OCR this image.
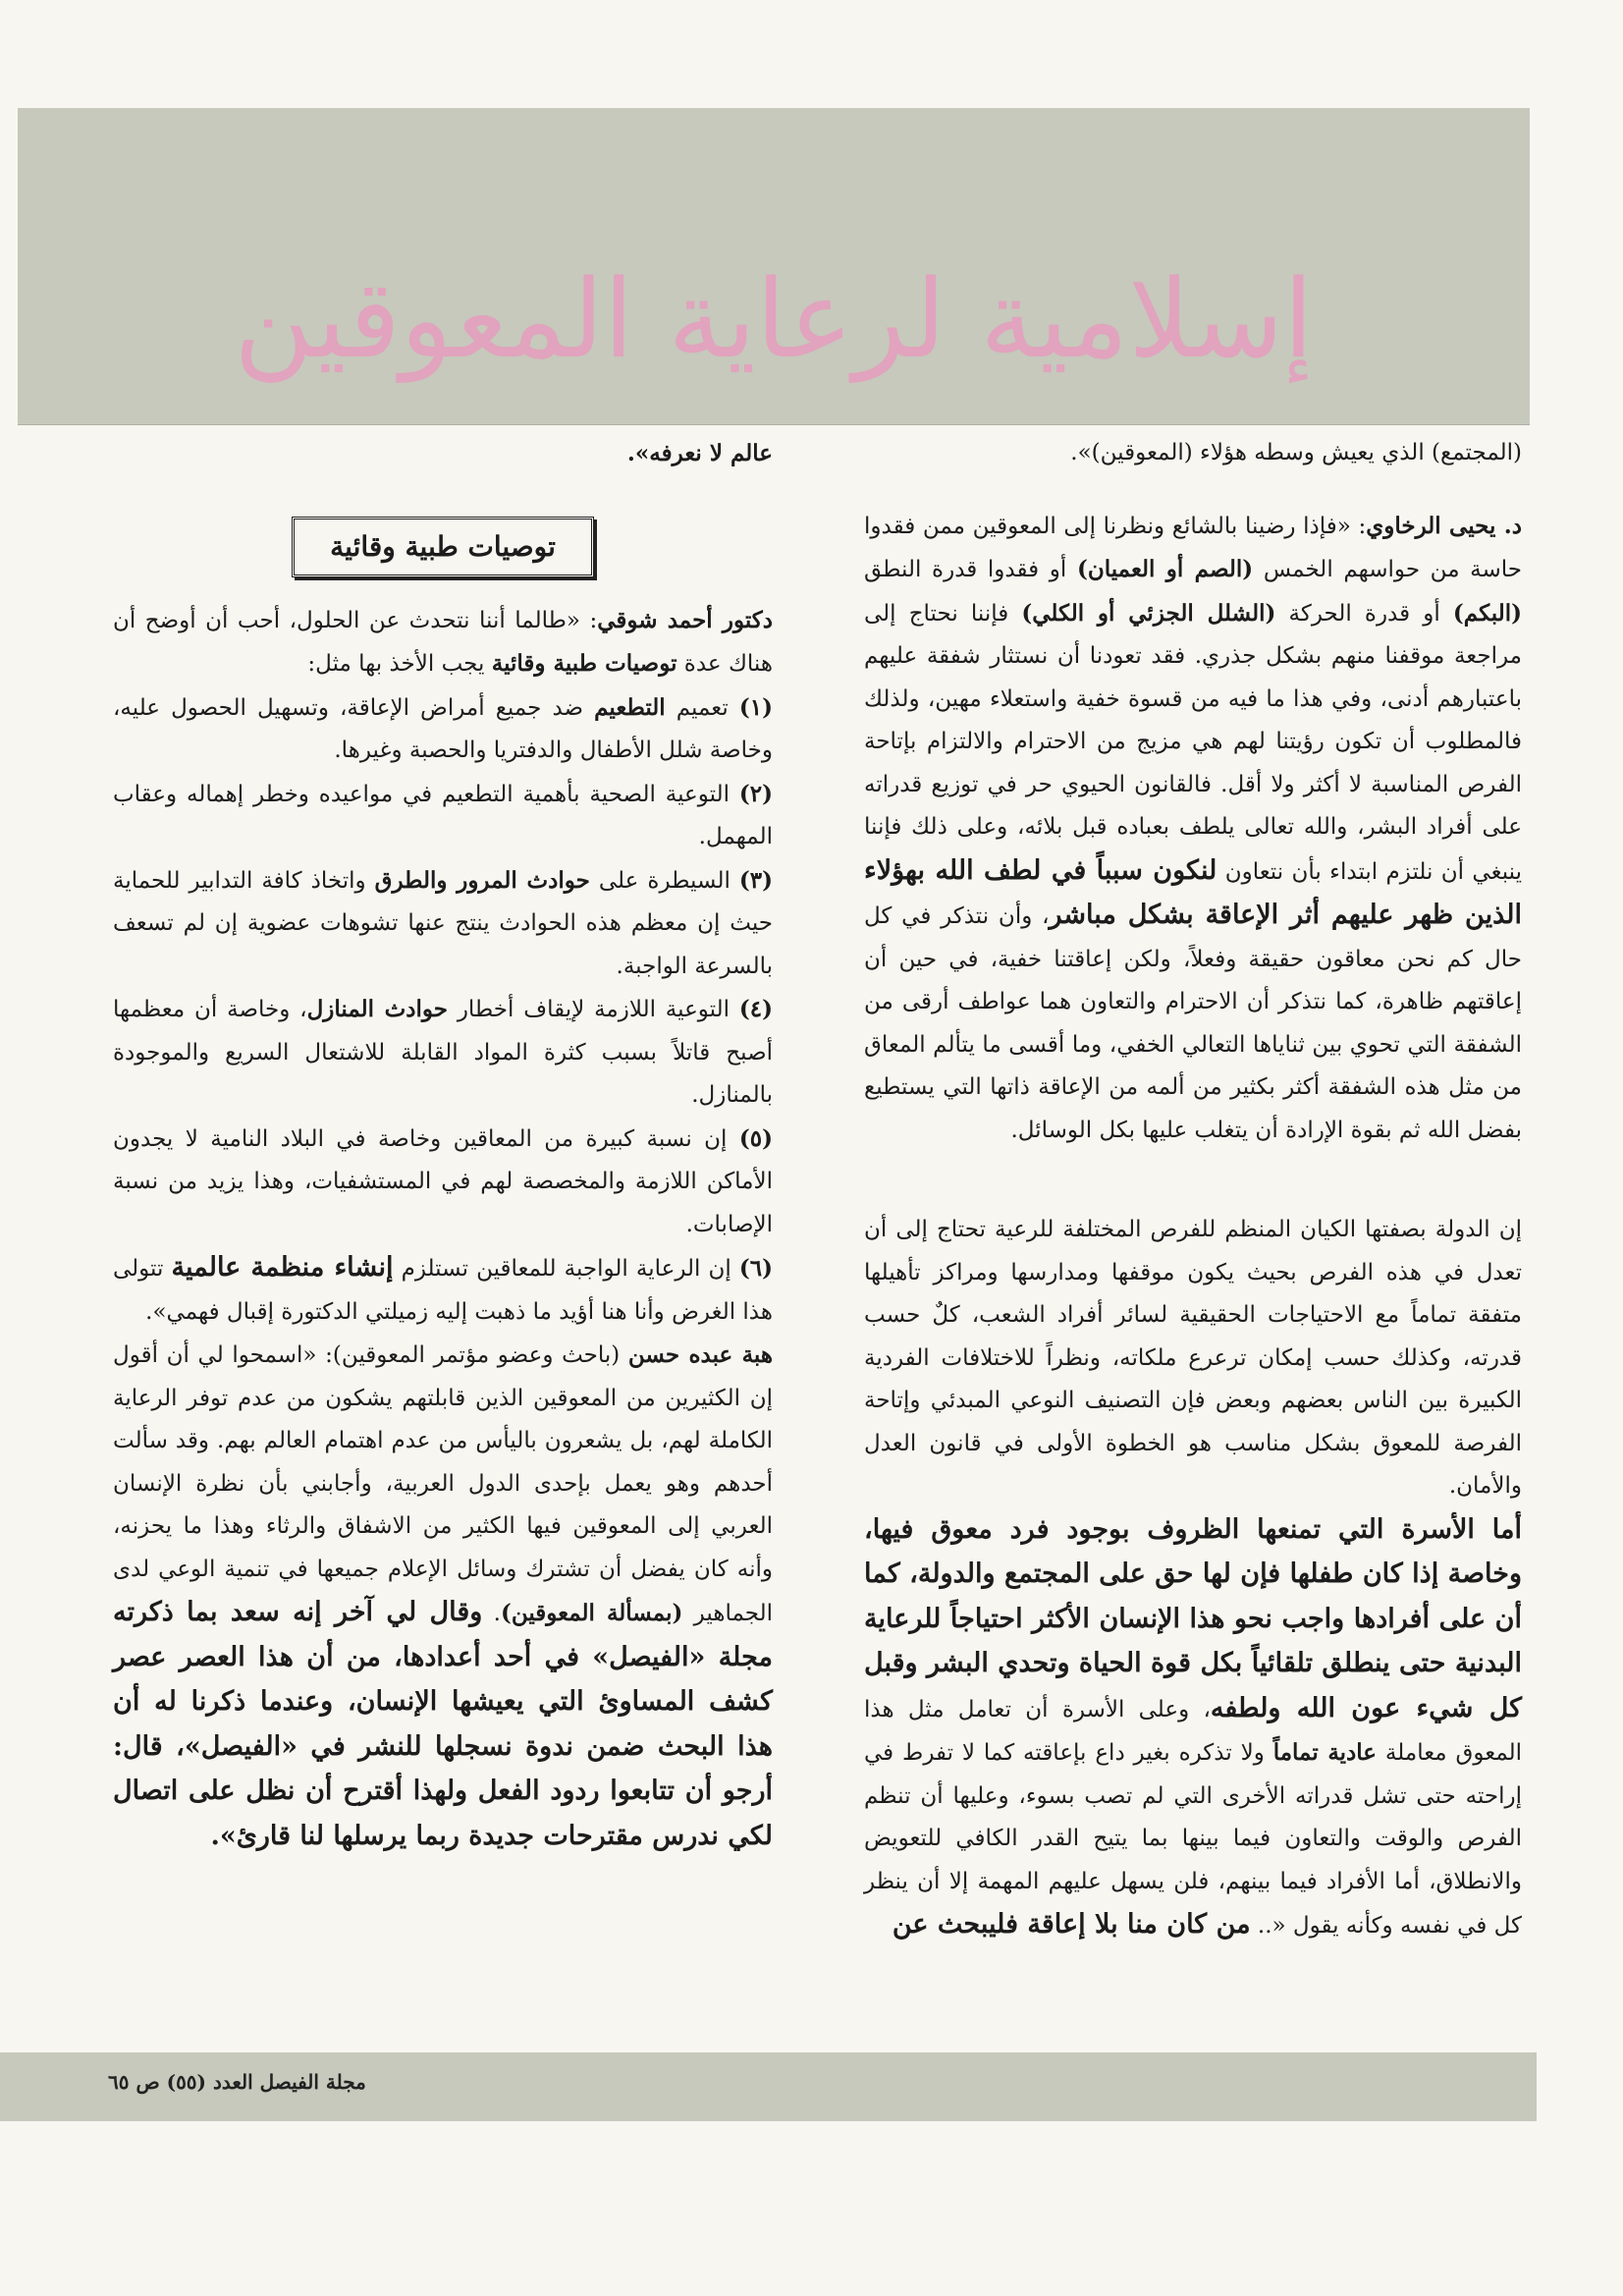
إسلامية لرعاية المعوقين

(المجتمع) الذي يعيش وسطه هؤلاء (المعوقين)».

د. يحيى الرخاوي: «فإذا رضينا بالشائع ونظرنا إلى المعوقين ممن فقدوا حاسة من حواسهم الخمس (الصم أو العميان) أو فقدوا قدرة النطق (البكم) أو قدرة الحركة (الشلل الجزئي أو الكلي) فإننا نحتاج إلى مراجعة موقفنا منهم بشكل جذري. فقد تعودنا أن نستثار شفقة عليهم باعتبارهم أدنى، وفي هذا ما فيه من قسوة خفية واستعلاء مهين، ولذلك فالمطلوب أن تكون رؤيتنا لهم هي مزيج من الاحترام والالتزام بإتاحة الفرص المناسبة لا أكثر ولا أقل. فالقانون الحيوي حر في توزيع قدراته على أفراد البشر، والله تعالى يلطف بعباده قبل بلائه، وعلى ذلك فإننا ينبغي أن نلتزم ابتداء بأن نتعاون لنكون سبباً في لطف الله بهؤلاء الذين ظهر عليهم أثر الإعاقة بشكل مباشر، وأن نتذكر في كل حال كم نحن معاقون حقيقة وفعلاً، ولكن إعاقتنا خفية، في حين أن إعاقتهم ظاهرة، كما نتذكر أن الاحترام والتعاون هما عواطف أرقى من الشفقة التي تحوي بين ثناياها التعالي الخفي، وما أقسى ما يتألم المعاق من مثل هذه الشفقة أكثر بكثير من ألمه من الإعاقة ذاتها التي يستطيع بفضل الله ثم بقوة الإرادة أن يتغلب عليها بكل الوسائل.

إن الدولة بصفتها الكيان المنظم للفرص المختلفة للرعية تحتاج إلى أن تعدل في هذه الفرص بحيث يكون موقفها ومدارسها ومراكز تأهيلها متفقة تماماً مع الاحتياجات الحقيقية لسائر أفراد الشعب، كلٌ حسب قدرته، وكذلك حسب إمكان ترعرع ملكاته، ونظراً للاختلافات الفردية الكبيرة بين الناس بعضهم وبعض فإن التصنيف النوعي المبدئي وإتاحة الفرصة للمعوق بشكل مناسب هو الخطوة الأولى في قانون العدل والأمان.

أما الأسرة التي تمنعها الظروف بوجود فرد معوق فيها، وخاصة إذا كان طفلها فإن لها حق على المجتمع والدولة، كما أن على أفرادها واجب نحو هذا الإنسان الأكثر احتياجاً للرعاية البدنية حتى ينطلق تلقائياً بكل قوة الحياة وتحدي البشر وقبل كل شيء عون الله ولطفه، وعلى الأسرة أن تعامل مثل هذا المعوق معاملة عادية تماماً ولا تذكره بغير داع بإعاقته كما لا تفرط في إراحته حتى تشل قدراته الأخرى التي لم تصب بسوء، وعليها أن تنظم الفرص والوقت والتعاون فيما بينها بما يتيح القدر الكافي للتعويض والانطلاق، أما الأفراد فيما بينهم، فلن يسهل عليهم المهمة إلا أن ينظر كل في نفسه وكأنه يقول «.. من كان منا بلا إعاقة فليبحث عن

عالم لا نعرفه».

توصيات طبية وقائية

دكتور أحمد شوقي: «طالما أننا نتحدث عن الحلول، أحب أن أوضح أن هناك عدة توصيات طبية وقائية يجب الأخذ بها مثل:

(١) تعميم التطعيم ضد جميع أمراض الإعاقة، وتسهيل الحصول عليه، وخاصة شلل الأطفال والدفتريا والحصبة وغيرها.

(٢) التوعية الصحية بأهمية التطعيم في مواعيده وخطر إهماله وعقاب المهمل.

(٣) السيطرة على حوادث المرور والطرق واتخاذ كافة التدابير للحماية حيث إن معظم هذه الحوادث ينتج عنها تشوهات عضوية إن لم تسعف بالسرعة الواجبة.

(٤) التوعية اللازمة لإيقاف أخطار حوادث المنازل، وخاصة أن معظمها أصبح قاتلاً بسبب كثرة المواد القابلة للاشتعال السريع والموجودة بالمنازل.

(٥) إن نسبة كبيرة من المعاقين وخاصة في البلاد النامية لا يجدون الأماكن اللازمة والمخصصة لهم في المستشفيات، وهذا يزيد من نسبة الإصابات.

(٦) إن الرعاية الواجبة للمعاقين تستلزم إنشاء منظمة عالمية تتولى هذا الغرض وأنا هنا أؤيد ما ذهبت إليه زميلتي الدكتورة إقبال فهمي».

هبة عبده حسن (باحث وعضو مؤتمر المعوقين): «اسمحوا لي أن أقول إن الكثيرين من المعوقين الذين قابلتهم يشكون من عدم توفر الرعاية الكاملة لهم، بل يشعرون باليأس من عدم اهتمام العالم بهم. وقد سألت أحدهم وهو يعمل بإحدى الدول العربية، وأجابني بأن نظرة الإنسان العربي إلى المعوقين فيها الكثير من الاشفاق والرثاء وهذا ما يحزنه، وأنه كان يفضل أن تشترك وسائل الإعلام جميعها في تنمية الوعي لدى الجماهير (بمسألة المعوقين). وقال لي آخر إنه سعد بما ذكرته مجلة «الفيصل» في أحد أعدادها، من أن هذا العصر عصر كشف المساوئ التي يعيشها الإنسان، وعندما ذكرنا له أن هذا البحث ضمن ندوة نسجلها للنشر في «الفيصل»، قال: أرجو أن تتابعوا ردود الفعل ولهذا أقترح أن نظل على اتصال لكي ندرس مقترحات جديدة ربما يرسلها لنا قارئ».

مجلة الفيصل العدد (٥٥) ص ٦٥
